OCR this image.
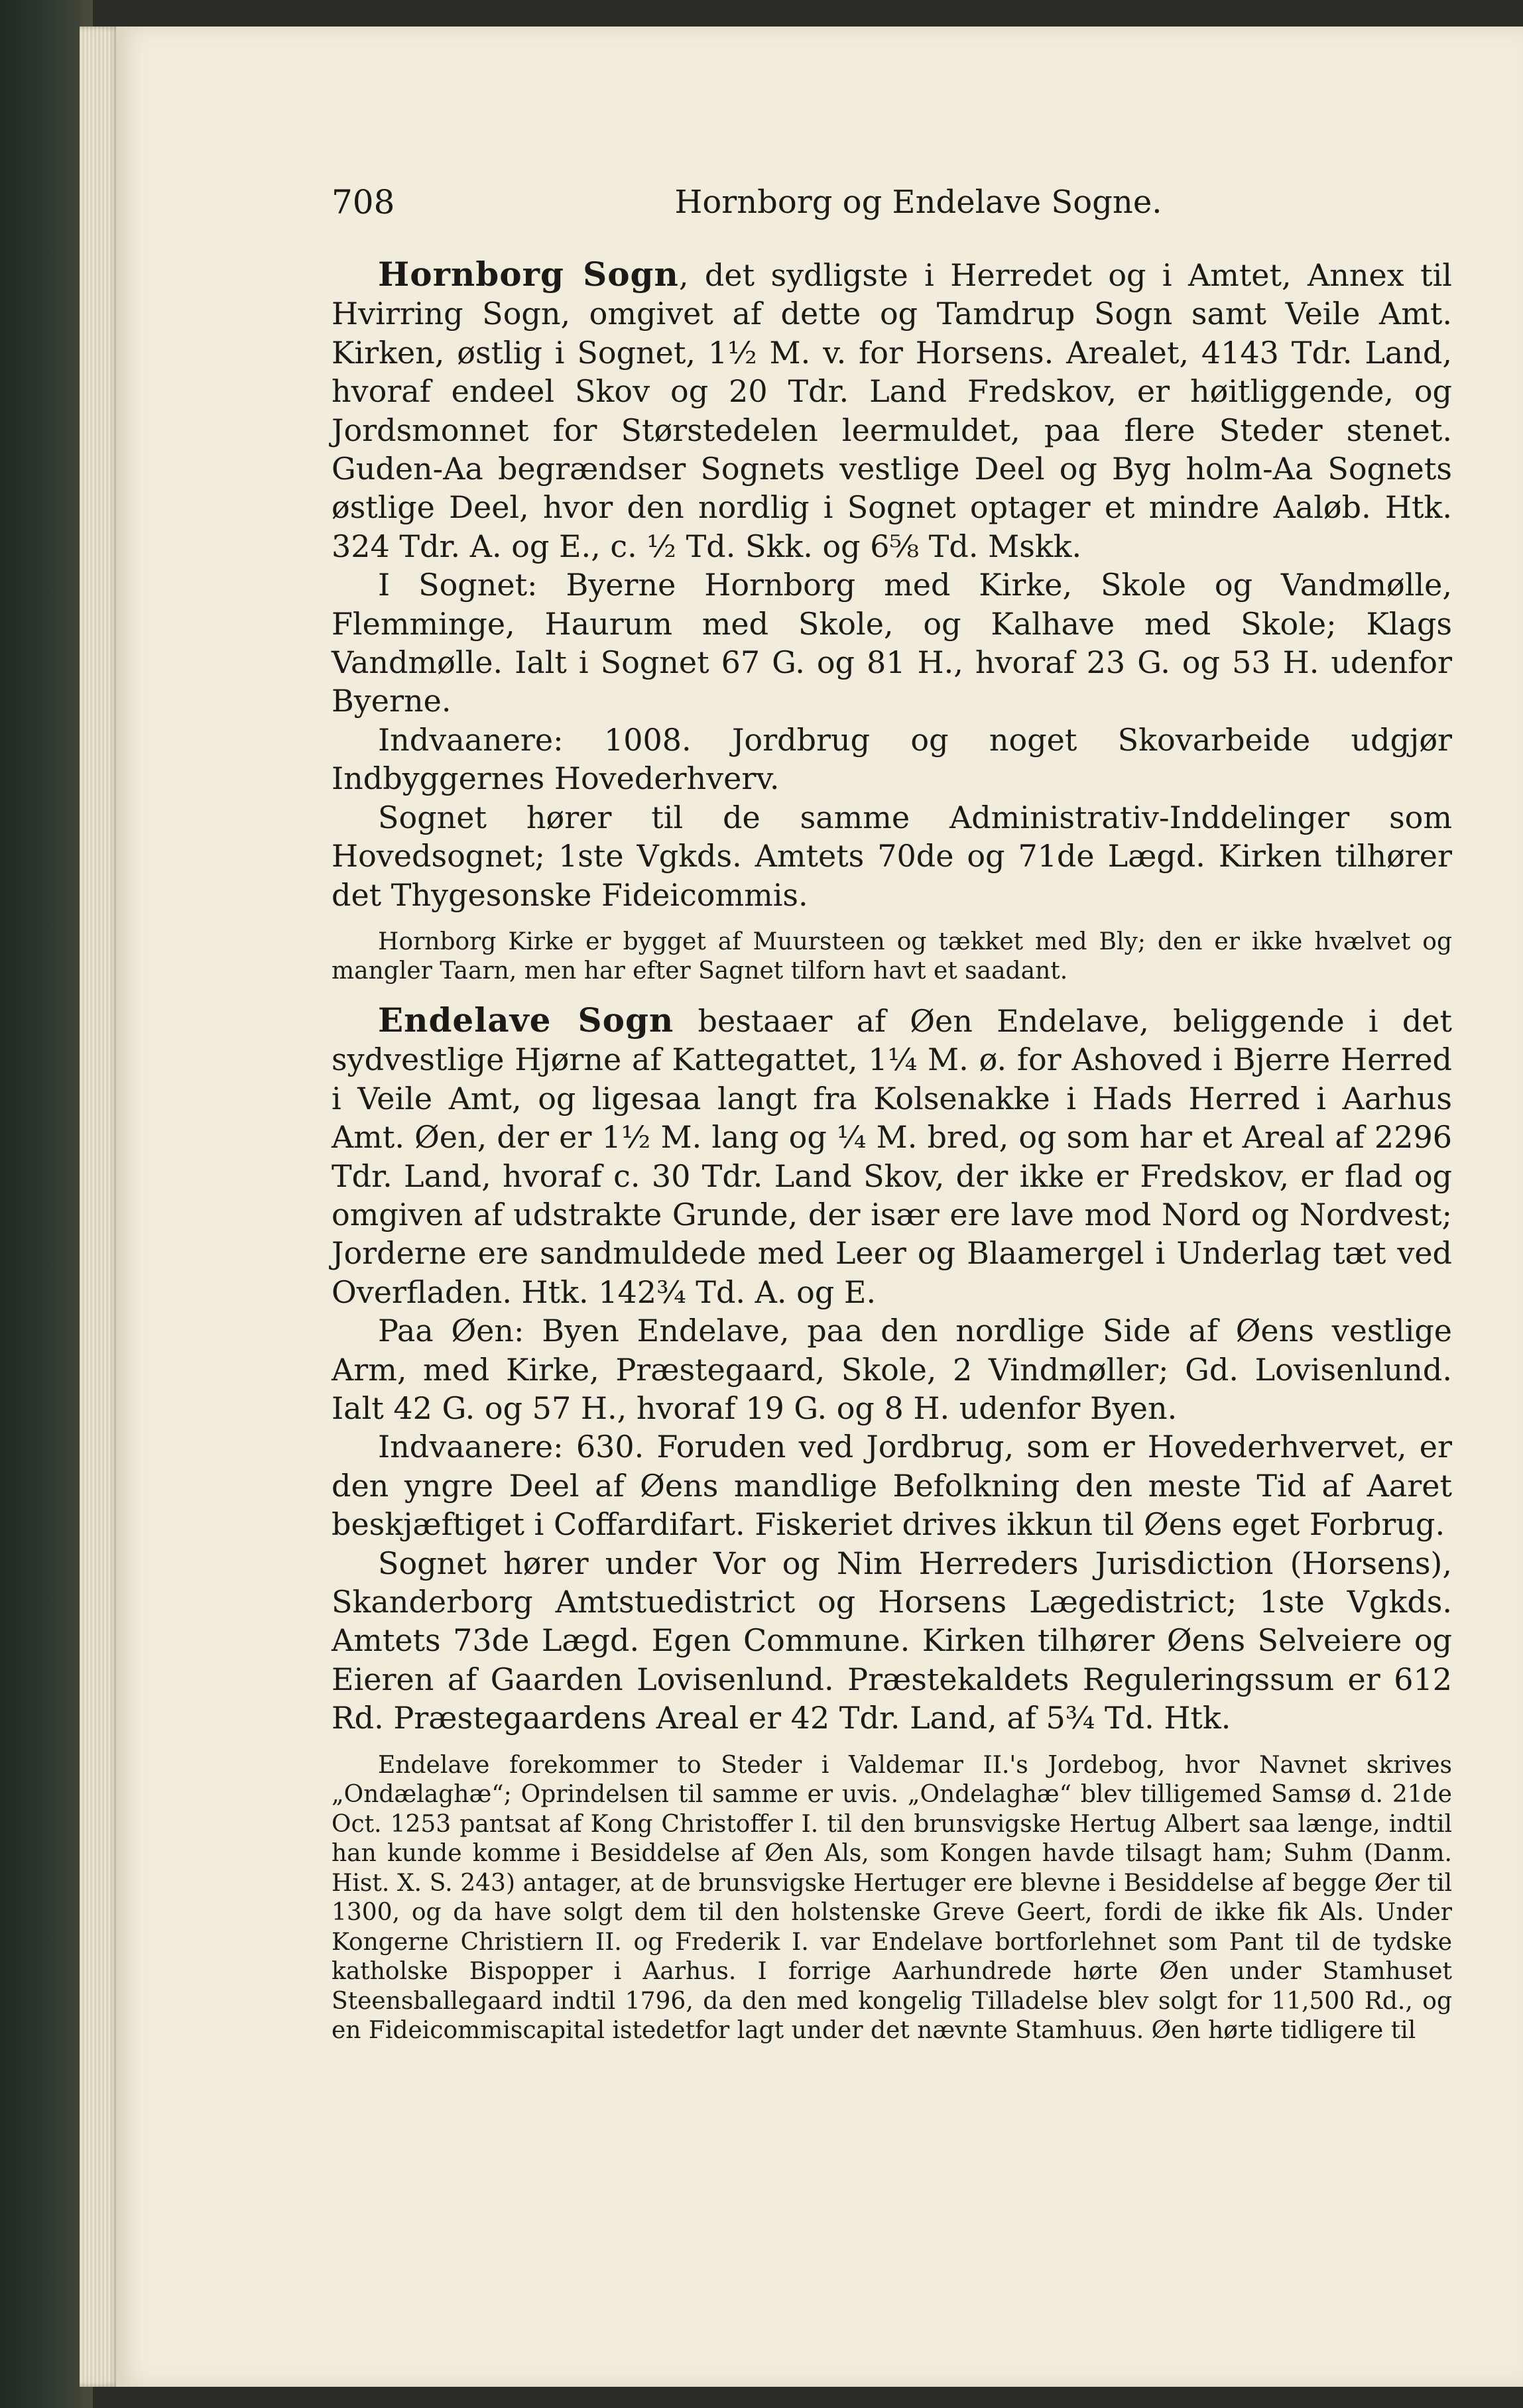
708	Hornborg og Endelave Sogne.

Hornborg Sogn, det sydligste i Herredet og i Amtet, Annex til Hvirring Sogn, omgivet af dette og Tamdrup Sogn samt Veile Amt. Kirken, østlig i Sognet, 1½ M. v. for Horsens. Arealet, 4143 Tdr. Land, hvoraf endeel Skov og 20 Tdr. Land Fredskov, er høitliggende, og Jordsmonnet for Størstedelen leermuldet, paa flere Steder stenet. Guden-Aa begrændser Sognets vestlige Deel og Byg holm-Aa Sognets østlige Deel, hvor den nordlig i Sognet optager et mindre Aaløb. Htk. 324 Tdr. A. og E., c. ½ Td. Skk. og 6⅝ Td. Mskk.

I Sognet: Byerne Hornborg med Kirke, Skole og Vandmølle, Flemminge, Haurum med Skole, og Kalhave med Skole; Klags Vandmølle. Ialt i Sognet 67 G. og 81 H., hvoraf 23 G. og 53 H. udenfor Byerne.

Indvaanere: 1008. Jordbrug og noget Skovarbeide udgjør Indbyggernes Hovederhverv.

Sognet hører til de samme Administrativ-Inddelinger som Hovedsognet; 1ste Vgkds. Amtets 70de og 71de Lægd. Kirken tilhører det Thygesonske Fideicommis.

Hornborg Kirke er bygget af Muursteen og tækket med Bly; den er ikke hvælvet og mangler Taarn, men har efter Sagnet tilforn havt et saadant.

Endelave Sogn bestaaer af Øen Endelave, beliggende i det sydvestlige Hjørne af Kattegattet, 1¼ M. ø. for Ashoved i Bjerre Herred i Veile Amt, og ligesaa langt fra Kolsenakke i Hads Herred i Aarhus Amt. Øen, der er 1½ M. lang og ¼ M. bred, og som har et Areal af 2296 Tdr. Land, hvoraf c. 30 Tdr. Land Skov, der ikke er Fredskov, er flad og omgiven af udstrakte Grunde, der især ere lave mod Nord og Nordvest; Jorderne ere sandmuldede med Leer og Blaamergel i Underlag tæt ved Overfladen. Htk. 142¾ Td. A. og E.

Paa Øen: Byen Endelave, paa den nordlige Side af Øens vestlige Arm, med Kirke, Præstegaard, Skole, 2 Vindmøller; Gd. Lovisenlund. Ialt 42 G. og 57 H., hvoraf 19 G. og 8 H. udenfor Byen.

Indvaanere: 630. Foruden ved Jordbrug, som er Hovederhvervet, er den yngre Deel af Øens mandlige Befolkning den meste Tid af Aaret beskjæftiget i Coffardifart. Fiskeriet drives ikkun til Øens eget Forbrug.

Sognet hører under Vor og Nim Herreders Jurisdiction (Horsens), Skanderborg Amtstuedistrict og Horsens Lægedistrict; 1ste Vgkds. Amtets 73de Lægd. Egen Commune. Kirken tilhører Øens Selveiere og Eieren af Gaarden Lovisenlund. Præstekaldets Reguleringssum er 612 Rd. Præstegaardens Areal er 42 Tdr. Land, af 5¾ Td. Htk.

Endelave forekommer to Steder i Valdemar II.'s Jordebog, hvor Navnet skrives „Ondælaghæ“; Oprindelsen til samme er uvis. „Ondelaghæ“ blev tilligemed Samsø d. 21de Oct. 1253 pantsat af Kong Christoffer I. til den brunsvigske Hertug Albert saa længe, indtil han kunde komme i Besiddelse af Øen Als, som Kongen havde tilsagt ham; Suhm (Danm. Hist. X. S. 243) antager, at de brunsvigske Hertuger ere blevne i Besiddelse af begge Øer til 1300, og da have solgt dem til den holstenske Greve Geert, fordi de ikke fik Als. Under Kongerne Christiern II. og Frederik I. var Endelave bortforlehnet som Pant til de tydske katholske Bispopper i Aarhus. I forrige Aarhundrede hørte Øen under Stamhuset Steensballegaard indtil 1796, da den med kongelig Tilladelse blev solgt for 11,500 Rd., og en Fideicommiscapital istedetfor lagt under det nævnte Stamhuus. Øen hørte tidligere til
